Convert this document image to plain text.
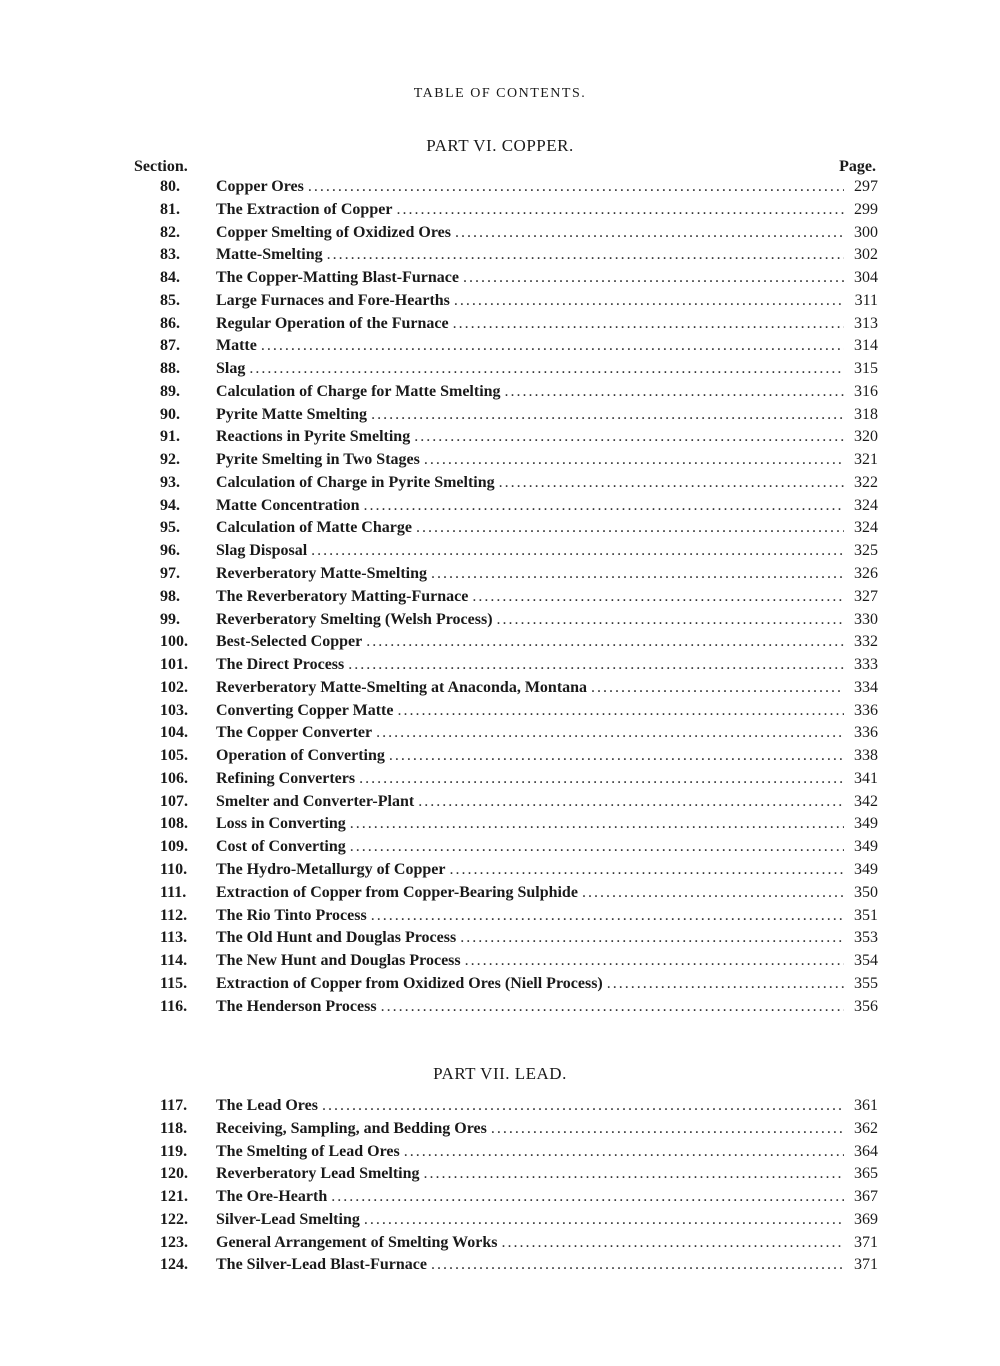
TABLE OF CONTENTS.
PART VI. COPPER.
Section.	Page.
80.	Copper Ores .....	297
81.	The Extraction of Copper .....	299
82.	Copper Smelting of Oxidized Ores .....	300
83.	Matte-Smelting .....	302
84.	The Copper-Matting Blast-Furnace .....	304
85.	Large Furnaces and Fore-Hearths .....	311
86.	Regular Operation of the Furnace .....	313
87.	Matte .....	314
88.	Slag .....	315
89.	Calculation of Charge for Matte Smelting .....	316
90.	Pyrite Matte Smelting .....	318
91.	Reactions in Pyrite Smelting .....	320
92.	Pyrite Smelting in Two Stages .....	321
93.	Calculation of Charge in Pyrite Smelting .....	322
94.	Matte Concentration .....	324
95.	Calculation of Matte Charge .....	324
96.	Slag Disposal .....	325
97.	Reverberatory Matte-Smelting .....	326
98.	The Reverberatory Matting-Furnace .....	327
99.	Reverberatory Smelting (Welsh Process) .....	330
100.	Best-Selected Copper .....	332
101.	The Direct Process .....	333
102.	Reverberatory Matte-Smelting at Anaconda, Montana .....	334
103.	Converting Copper Matte .....	336
104.	The Copper Converter .....	336
105.	Operation of Converting .....	338
106.	Refining Converters .....	341
107.	Smelter and Converter-Plant .....	342
108.	Loss in Converting .....	349
109.	Cost of Converting .....	349
110.	The Hydro-Metallurgy of Copper .....	349
111.	Extraction of Copper from Copper-Bearing Sulphide .....	350
112.	The Rio Tinto Process .....	351
113.	The Old Hunt and Douglas Process .....	353
114.	The New Hunt and Douglas Process .....	354
115.	Extraction of Copper from Oxidized Ores (Niell Process) .....	355
116.	The Henderson Process .....	356
PART VII. LEAD.
117.	The Lead Ores .....	361
118.	Receiving, Sampling, and Bedding Ores .....	362
119.	The Smelting of Lead Ores .....	364
120.	Reverberatory Lead Smelting .....	365
121.	The Ore-Hearth .....	367
122.	Silver-Lead Smelting .....	369
123.	General Arrangement of Smelting Works .....	371
124.	The Silver-Lead Blast-Furnace .....	371
